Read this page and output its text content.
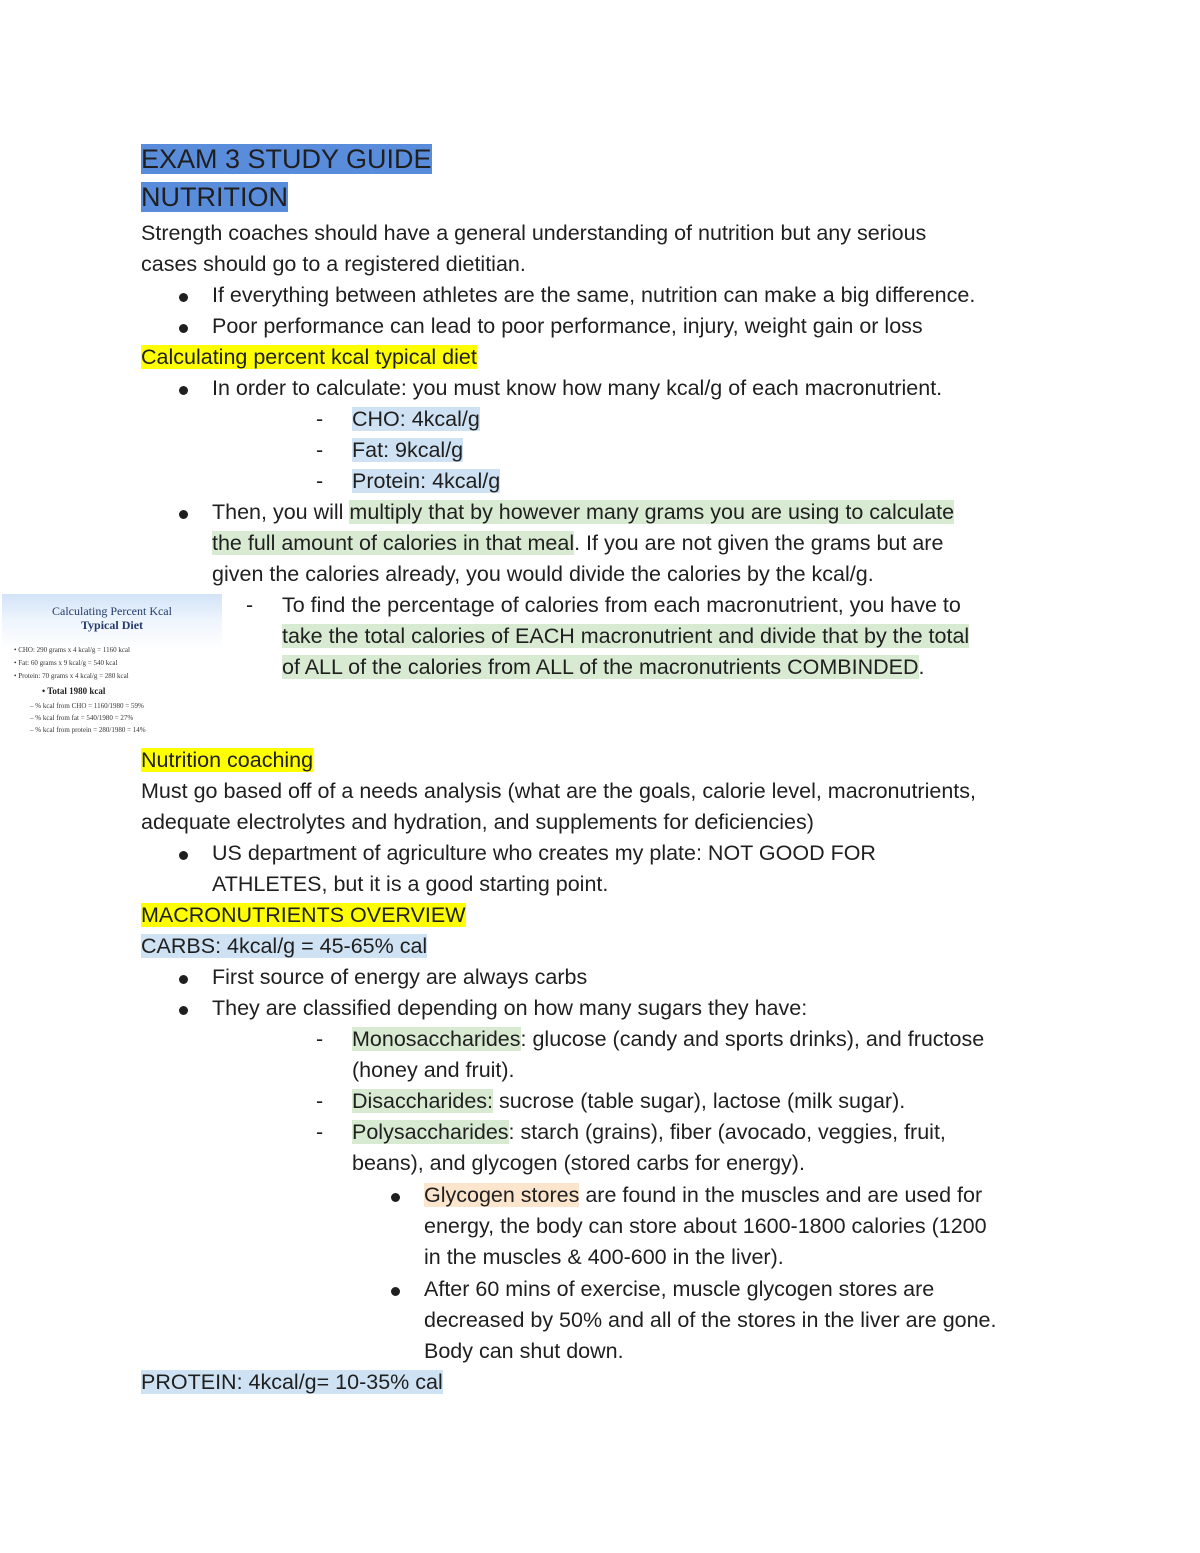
EXAM 3 STUDY GUIDE
NUTRITION
Strength coaches should have a general understanding of nutrition but any serious
cases should go to a registered dietitian.
If everything between athletes are the same, nutrition can make a big difference.
Poor performance can lead to poor performance, injury, weight gain or loss
Calculating percent kcal typical diet
In order to calculate: you must know how many kcal/g of each macronutrient.
- CHO: 4kcal/g
- Fat: 9kcal/g
- Protein: 4kcal/g
Then, you will multiply that by however many grams you are using to calculate
the full amount of calories in that meal. If you are not given the grams but are
given the calories already, you would divide the calories by the kcal/g.
Calculating Percent Kcal
Typical Diet
• CHO: 290 grams x 4 kcal/g = 1160 kcal
• Fat: 60 grams x 9 kcal/g = 540 kcal
• Protein: 70 grams x 4 kcal/g = 280 kcal
• Total 1980 kcal
– % kcal from CHO = 1160/1980 = 59%
– % kcal from fat = 540/1980 = 27%
– % kcal from protein = 280/1980 = 14%
- To find the percentage of calories from each macronutrient, you have to
take the total calories of EACH macronutrient and divide that by the total
of ALL of the calories from ALL of the macronutrients COMBINDED.
Nutrition coaching
Must go based off of a needs analysis (what are the goals, calorie level, macronutrients,
adequate electrolytes and hydration, and supplements for deficiencies)
US department of agriculture who creates my plate: NOT GOOD FOR
ATHLETES, but it is a good starting point.
MACRONUTRIENTS OVERVIEW
CARBS: 4kcal/g = 45-65% cal
First source of energy are always carbs
They are classified depending on how many sugars they have:
- Monosaccharides: glucose (candy and sports drinks), and fructose
(honey and fruit).
- Disaccharides: sucrose (table sugar), lactose (milk sugar).
- Polysaccharides: starch (grains), fiber (avocado, veggies, fruit,
beans), and glycogen (stored carbs for energy).
Glycogen stores are found in the muscles and are used for
energy, the body can store about 1600-1800 calories (1200
in the muscles & 400-600 in the liver).
After 60 mins of exercise, muscle glycogen stores are
decreased by 50% and all of the stores in the liver are gone.
Body can shut down.
PROTEIN: 4kcal/g= 10-35% cal
